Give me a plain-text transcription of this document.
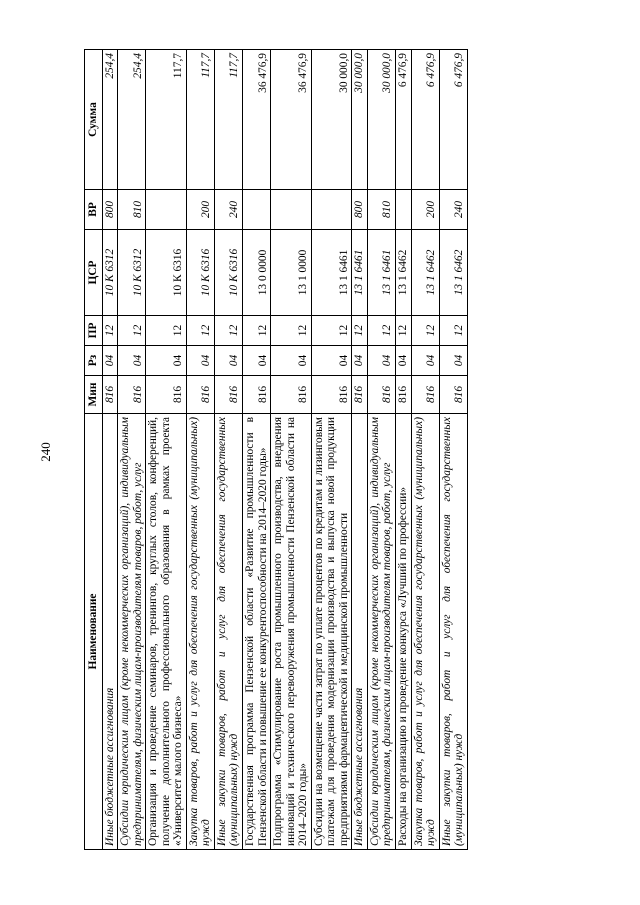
240
Наименование	Мин	Рз	ПР	ЦСР	ВР	Сумма
Иные бюджетные ассигнования	816	04	12	10 К 6312	800	254,4
Субсидии юридическим лицам (кроме некоммерческих организаций), индивидуальным предпринимателям, физическим лицам-производителям товаров, работ, услуг	816	04	12	10 К 6312	810	254,4
Организация и проведение семинаров, тренингов, круглых столов, конференций, получение дополнительного профессионального образования в рамках проекта «Университет малого бизнеса»	816	04	12	10 К 6316		117,7
Закупка товаров, работ и услуг для обеспечения государственных (муниципальных) нужд	816	04	12	10 К 6316	200	117,7
Иные закупки товаров, работ и услуг для обеспечения государственных (муниципальных) нужд	816	04	12	10 К 6316	240	117,7
Государственная программа Пензенской области «Развитие промышленности в Пензенской области и повышение ее конкурентоспособности на 2014–2020 годы»	816	04	12	13 0 0000		36 476,9
Подпрограмма «Стимулирование роста промышленного производства, внедрения инноваций и технического перевооружения промышленности Пензенской области на 2014–2020 годы»	816	04	12	13 1 0000		36 476,9
Субсидии на возмещение части затрат по уплате процентов по кредитам и лизинговым платежам для проведения модернизации производства и выпуска новой продукции предприятиями фармацевтической и медицинской промышленности	816	04	12	13 1 6461		30 000,0
Иные бюджетные ассигнования	816	04	12	13 1 6461	800	30 000,0
Субсидии юридическим лицам (кроме некоммерческих организаций), индивидуальным предпринимателям, физическим лицам-производителям товаров, работ, услуг	816	04	12	13 1 6461	810	30 000,0
Расходы на организацию и проведение конкурса «Лучший по профессии»	816	04	12	13 1 6462		6 476,9
Закупка товаров, работ и услуг для обеспечения государственных (муниципальных) нужд	816	04	12	13 1 6462	200	6 476,9
Иные закупки товаров, работ и услуг для обеспечения государственных (муниципальных) нужд	816	04	12	13 1 6462	240	6 476,9
